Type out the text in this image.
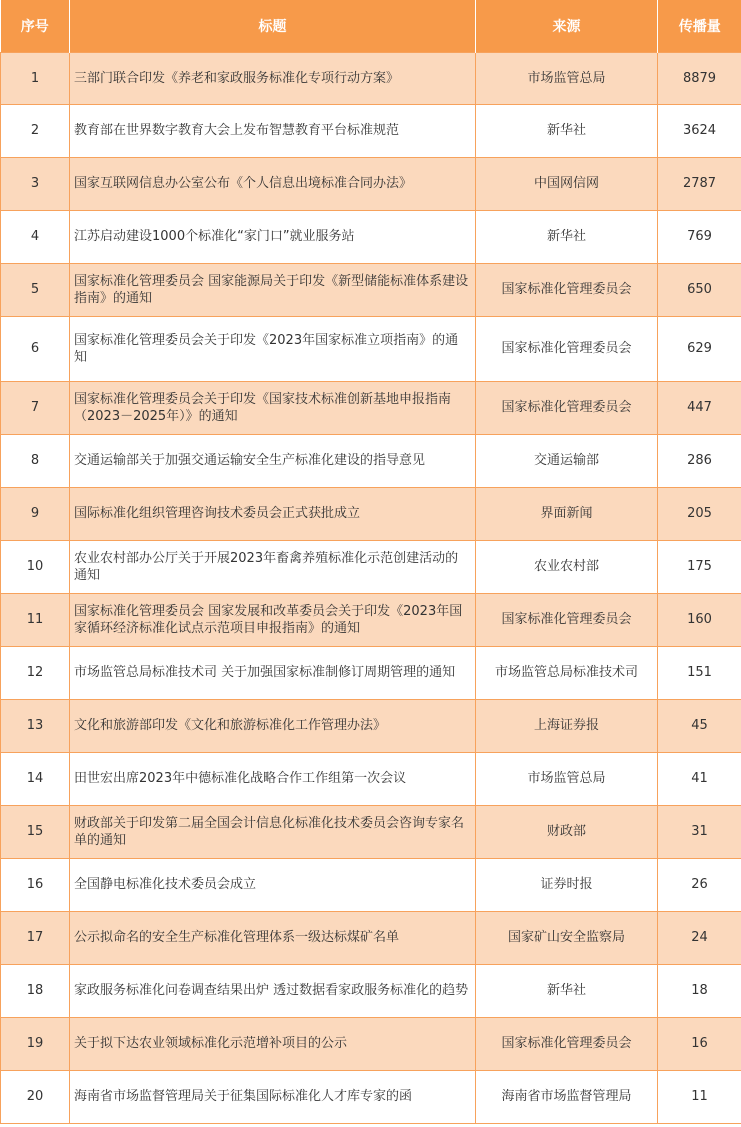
序号	标题	来源	传播量
1	三部门联合印发《养老和家政服务标准化专项行动方案》	市场监管总局	8879
2	教育部在世界数字教育大会上发布智慧教育平台标准规范	新华社	3624
3	国家互联网信息办公室公布《个人信息出境标准合同办法》	中国网信网	2787
4	江苏启动建设1000个标准化“家门口”就业服务站	新华社	769
5	国家标准化管理委员会 国家能源局关于印发《新型储能标准体系建设指南》的通知	国家标准化管理委员会	650
6	国家标准化管理委员会关于印发《2023年国家标准立项指南》的通知	国家标准化管理委员会	629
7	国家标准化管理委员会关于印发《国家技术标准创新基地申报指南（2023－2025年）》的通知	国家标准化管理委员会	447
8	交通运输部关于加强交通运输安全生产标准化建设的指导意见	交通运输部	286
9	国际标准化组织管理咨询技术委员会正式获批成立	界面新闻	205
10	农业农村部办公厅关于开展2023年畜禽养殖标准化示范创建活动的通知	农业农村部	175
11	国家标准化管理委员会 国家发展和改革委员会关于印发《2023年国家循环经济标准化试点示范项目申报指南》的通知	国家标准化管理委员会	160
12	市场监管总局标准技术司 关于加强国家标准制修订周期管理的通知	市场监管总局标准技术司	151
13	文化和旅游部印发《文化和旅游标准化工作管理办法》	上海证券报	45
14	田世宏出席2023年中德标准化战略合作工作组第一次会议	市场监管总局	41
15	财政部关于印发第二届全国会计信息化标准化技术委员会咨询专家名单的通知	财政部	31
16	全国静电标准化技术委员会成立	证券时报	26
17	公示拟命名的安全生产标准化管理体系一级达标煤矿名单	国家矿山安全监察局	24
18	家政服务标准化问卷调查结果出炉 透过数据看家政服务标准化的趋势	新华社	18
19	关于拟下达农业领域标准化示范增补项目的公示	国家标准化管理委员会	16
20	海南省市场监督管理局关于征集国际标准化人才库专家的函	海南省市场监督管理局	11
